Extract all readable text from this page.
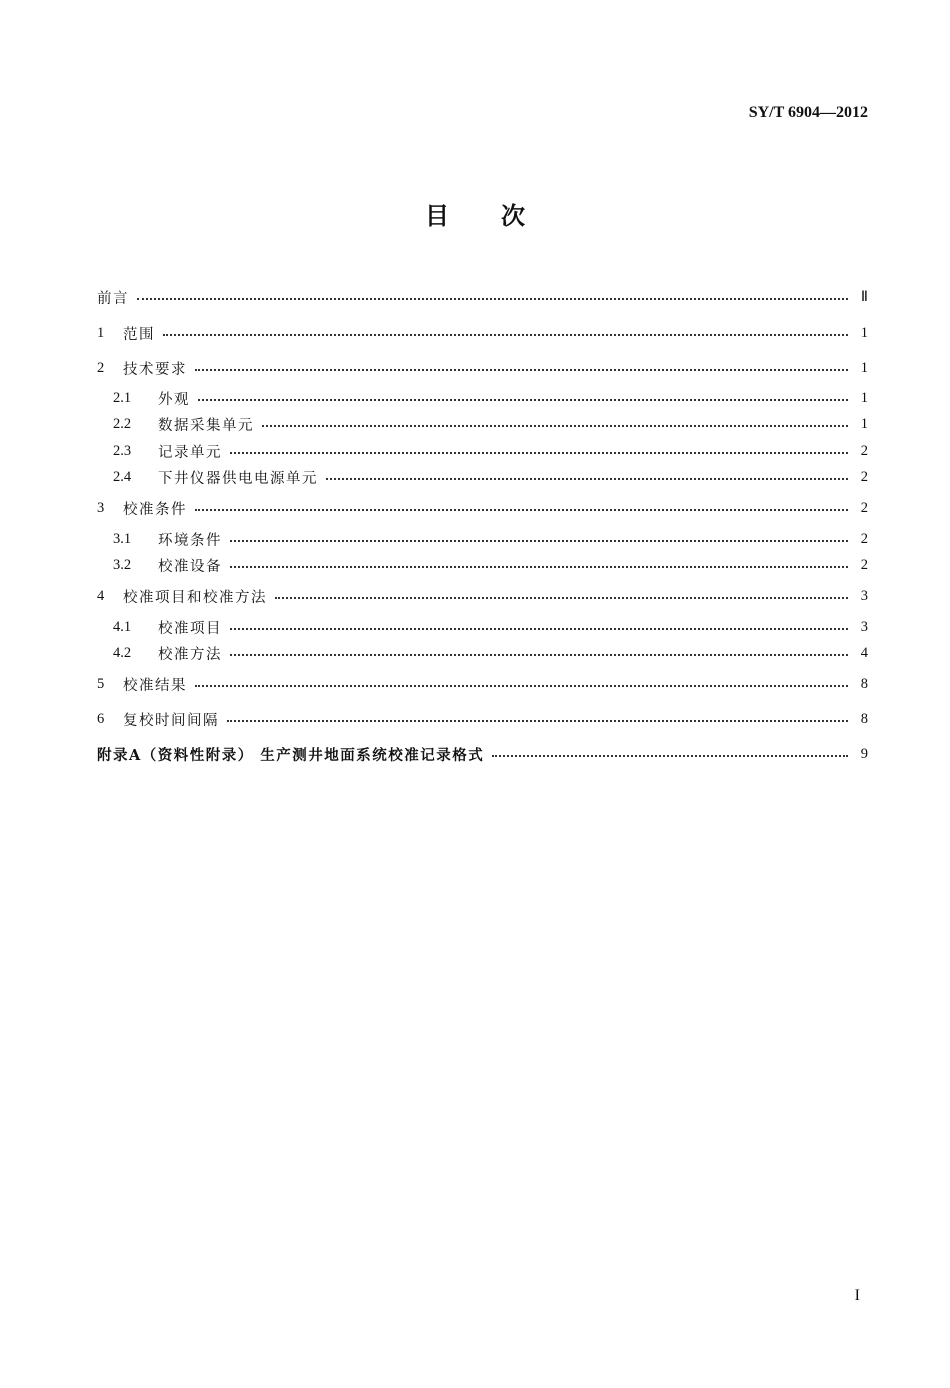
SY/T 6904—2012
目次
前言	Ⅱ
1	范围	1
2	技术要求	1
2.1	外观	1
2.2	数据采集单元	1
2.3	记录单元	2
2.4	下井仪器供电电源单元	2
3	校准条件	2
3.1	环境条件	2
3.2	校准设备	2
4	校准项目和校准方法	3
4.1	校准项目	3
4.2	校准方法	4
5	校准结果	8
6	复校时间间隔	8
附录A（资料性附录） 生产测井地面系统校准记录格式	9
I
